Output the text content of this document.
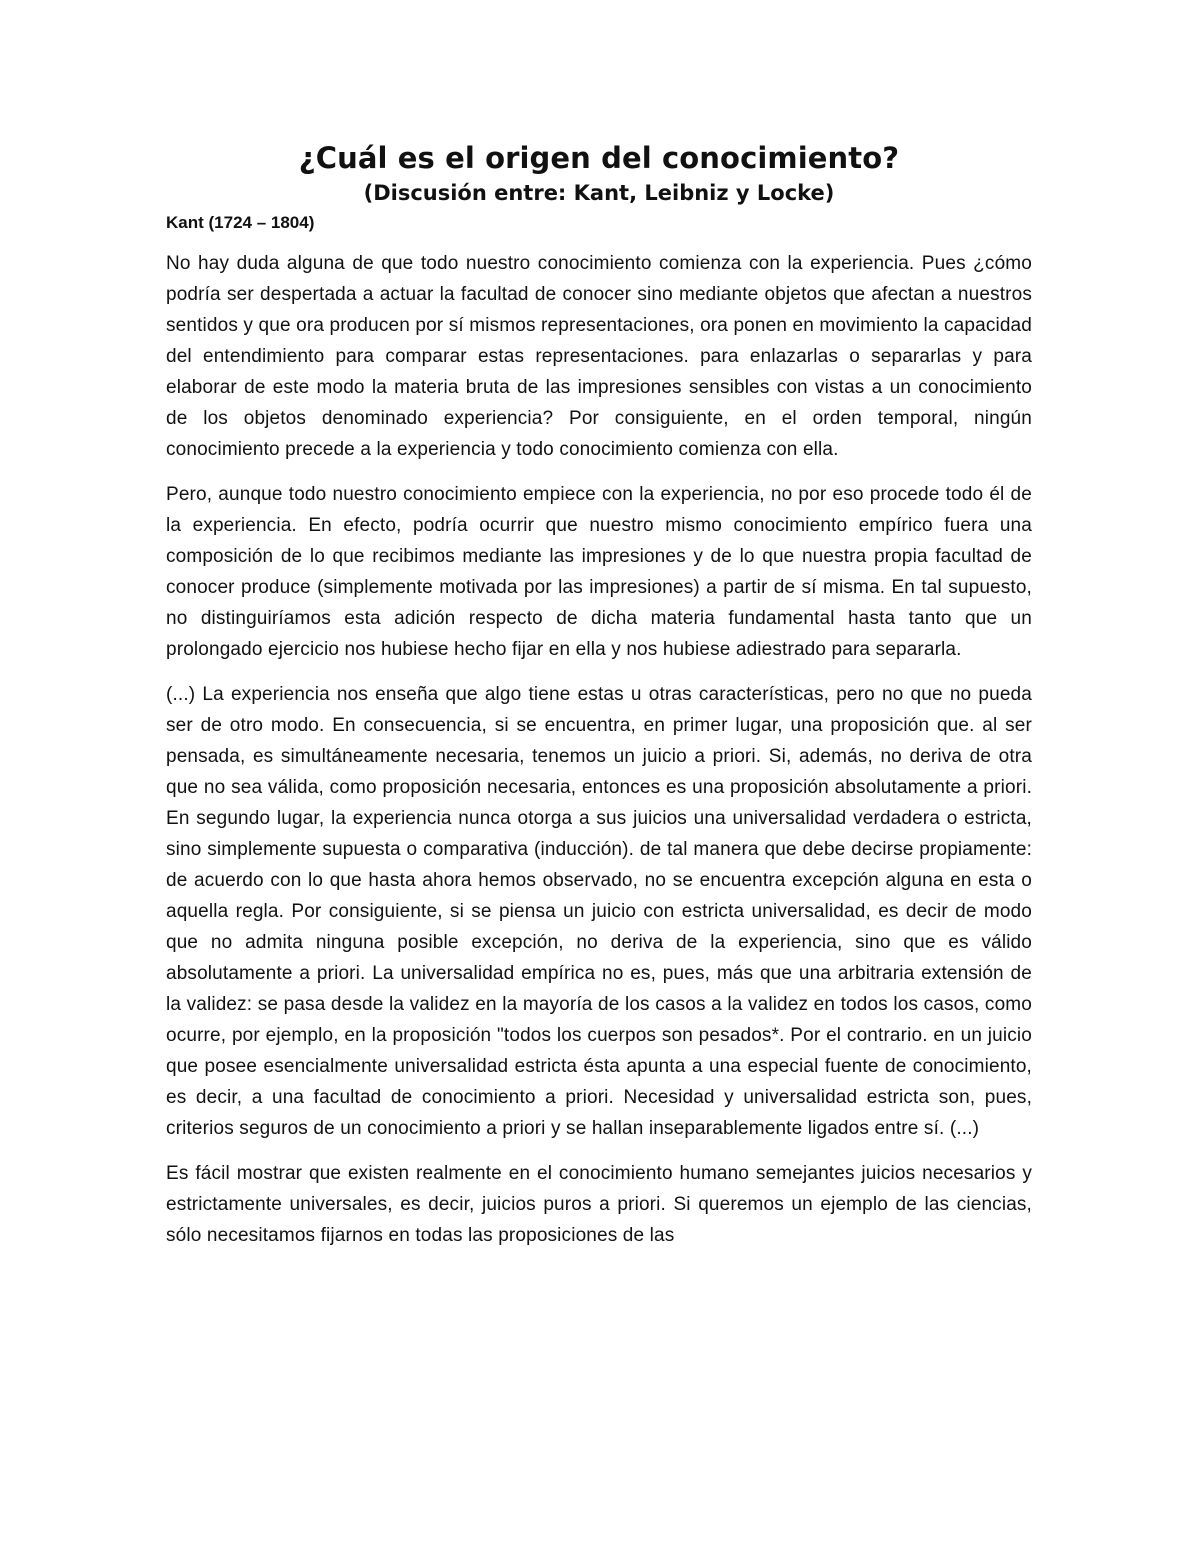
¿Cuál es el origen del conocimiento?
(Discusión entre: Kant, Leibniz y Locke)

Kant (1724 – 1804)

No hay duda alguna de que todo nuestro conocimiento comienza con la experiencia. Pues ¿cómo podría ser despertada a actuar la facultad de conocer sino mediante objetos que afectan a nuestros sentidos y que ora producen por sí mismos representaciones, ora ponen en movimiento la capacidad del entendimiento para comparar estas representaciones. para enlazarlas o separarlas y para elaborar de este modo la materia bruta de las impresiones sensibles con vistas a un conocimiento de los objetos denominado experiencia? Por consiguiente, en el orden temporal, ningún conocimiento precede a la experiencia y todo conocimiento comienza con ella.

Pero, aunque todo nuestro conocimiento empiece con la experiencia, no por eso procede todo él de la experiencia. En efecto, podría ocurrir que nuestro mismo conocimiento empírico fuera una composición de lo que recibimos mediante las impresiones y de lo que nuestra propia facultad de conocer produce (simplemente motivada por las impresiones) a partir de sí misma. En tal supuesto, no distinguiríamos esta adición respecto de dicha materia fundamental hasta tanto que un prolongado ejercicio nos hubiese hecho fijar en ella y nos hubiese adiestrado para separarla.

(...) La experiencia nos enseña que algo tiene estas u otras características, pero no que no pueda ser de otro modo. En consecuencia, si se encuentra, en primer lugar, una proposición que. al ser pensada, es simultáneamente necesaria, tenemos un juicio a priori. Si, además, no deriva de otra que no sea válida, como proposición necesaria, entonces es una proposición absolutamente a priori. En segundo lugar, la experiencia nunca otorga a sus juicios una universalidad verdadera o estricta, sino simplemente supuesta o comparativa (inducción). de tal manera que debe decirse propiamente: de acuerdo con lo que hasta ahora hemos observado, no se encuentra excepción alguna en esta o aquella regla. Por consiguiente, si se piensa un juicio con estricta universalidad, es decir de modo que no admita ninguna posible excepción, no deriva de la experiencia, sino que es válido absolutamente a priori. La universalidad empírica no es, pues, más que una arbitraria extensión de la validez: se pasa desde la validez en la mayoría de los casos a la validez en todos los casos, como ocurre, por ejemplo, en la proposición "todos los cuerpos son pesados*. Por el contrario. en un juicio que posee esencialmente universalidad estricta ésta apunta a una especial fuente de conocimiento, es decir, a una facultad de conocimiento a priori. Necesidad y universalidad estricta son, pues, criterios seguros de un conocimiento a priori y se hallan inseparablemente ligados entre sí. (...)

Es fácil mostrar que existen realmente en el conocimiento humano semejantes juicios necesarios y estrictamente universales, es decir, juicios puros a priori. Si queremos un ejemplo de las ciencias, sólo necesitamos fijarnos en todas las proposiciones de las
